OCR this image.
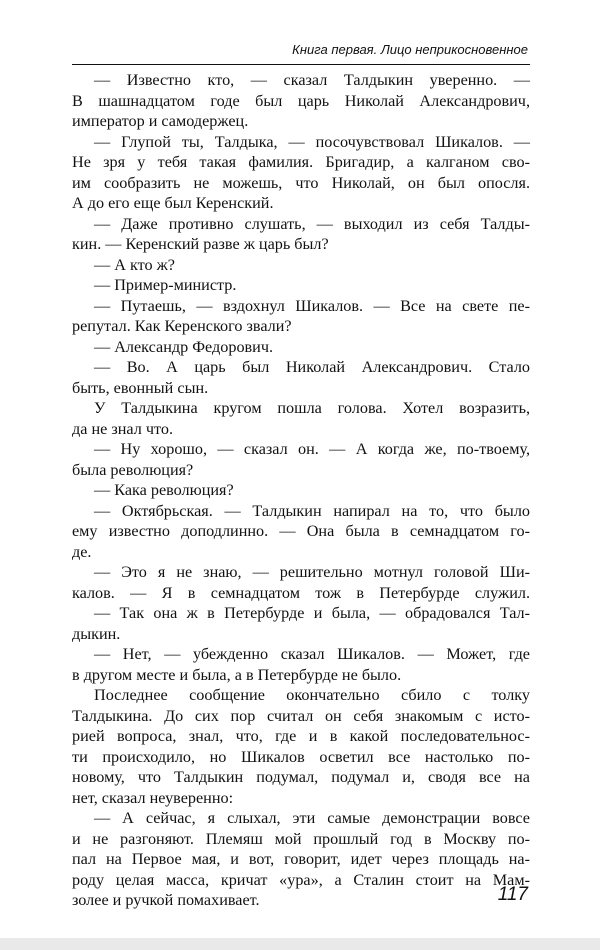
Книга первая. Лицо неприкосновенное
— Известно кто, — сказал Талдыкин уверенно. —
В шашнадцатом годе был царь Николай Александрович,
император и самодержец.
— Глупой ты, Талдыка, — посочувствовал Шикалов. —
Не зря у тебя такая фамилия. Бригадир, а калганом сво-
им сообразить не можешь, что Николай, он был опосля.
А до его еще был Керенский.
— Даже противно слушать, — выходил из себя Талды-
кин. — Керенский разве ж царь был?
— А кто ж?
— Пример-министр.
— Путаешь, — вздохнул Шикалов. — Все на свете пе-
репутал. Как Керенского звали?
— Александр Федорович.
— Во. А царь был Николай Александрович. Стало
быть, евонный сын.
У Талдыкина кругом пошла голова. Хотел возразить,
да не знал что.
— Ну хорошо, — сказал он. — А когда же, по-твоему,
была революция?
— Кака революция?
— Октябрьская. — Талдыкин напирал на то, что было
ему известно доподлинно. — Она была в семнадцатом го-
де.
— Это я не знаю, — решительно мотнул головой Ши-
калов. — Я в семнадцатом тож в Петербурде служил.
— Так она ж в Петербурде и была, — обрадовался Тал-
дыкин.
— Нет, — убежденно сказал Шикалов. — Может, где
в другом месте и была, а в Петербурде не было.
Последнее сообщение окончательно сбило с толку
Талдыкина. До сих пор считал он себя знакомым с исто-
рией вопроса, знал, что, где и в какой последовательнос-
ти происходило, но Шикалов осветил все настолько по-
новому, что Талдыкин подумал, подумал и, сводя все на
нет, сказал неуверенно:
— А сейчас, я слыхал, эти самые демонстрации вовсе
и не разгоняют. Племяш мой прошлый год в Москву по-
пал на Первое мая, и вот, говорит, идет через площадь на-
роду целая масса, кричат «ура», а Сталин стоит на Мам-
золее и ручкой помахивает.	117
